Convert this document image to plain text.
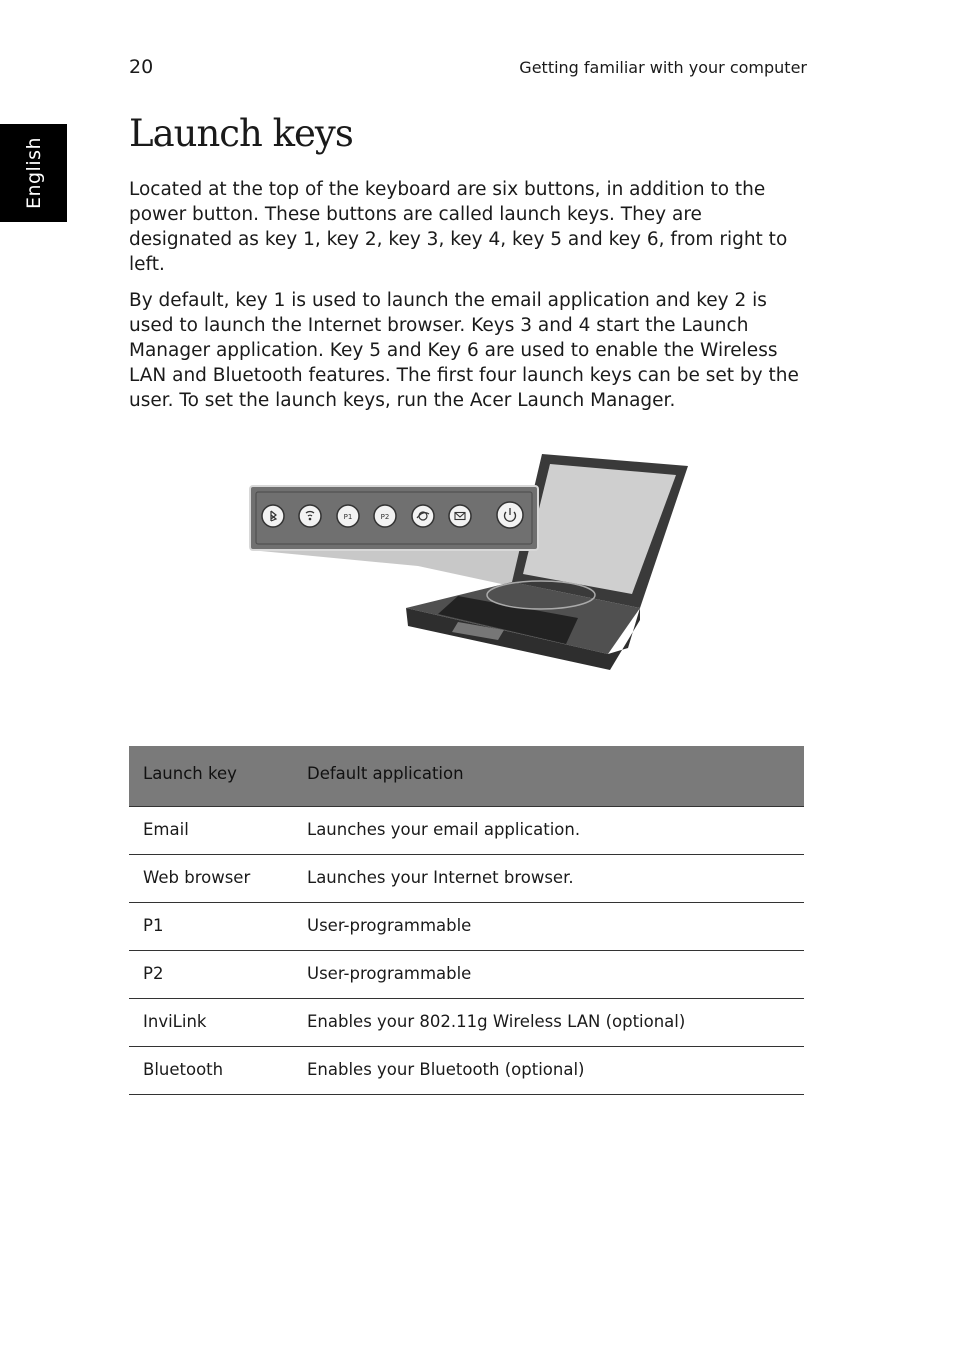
20	Getting familiar with your computer
English
Launch keys

Located at the top of the keyboard are six buttons, in addition to the power button. These buttons are called launch keys. They are designated as key 1, key 2, key 3, key 4, key 5 and key 6, from right to left.

By default, key 1 is used to launch the email application and key 2 is used to launch the Internet browser. Keys 3 and 4 start the Launch Manager application. Key 5 and Key 6 are used to enable the Wireless LAN and Bluetooth features. The first four launch keys can be set by the user. To set the launch keys, run the Acer Launch Manager.

P1	P2
Launch key	Default application
Email	Launches your email application.
Web browser	Launches your Internet browser.
P1	User-programmable
P2	User-programmable
InviLink	Enables your 802.11g Wireless LAN (optional)
Bluetooth	Enables your Bluetooth (optional)
